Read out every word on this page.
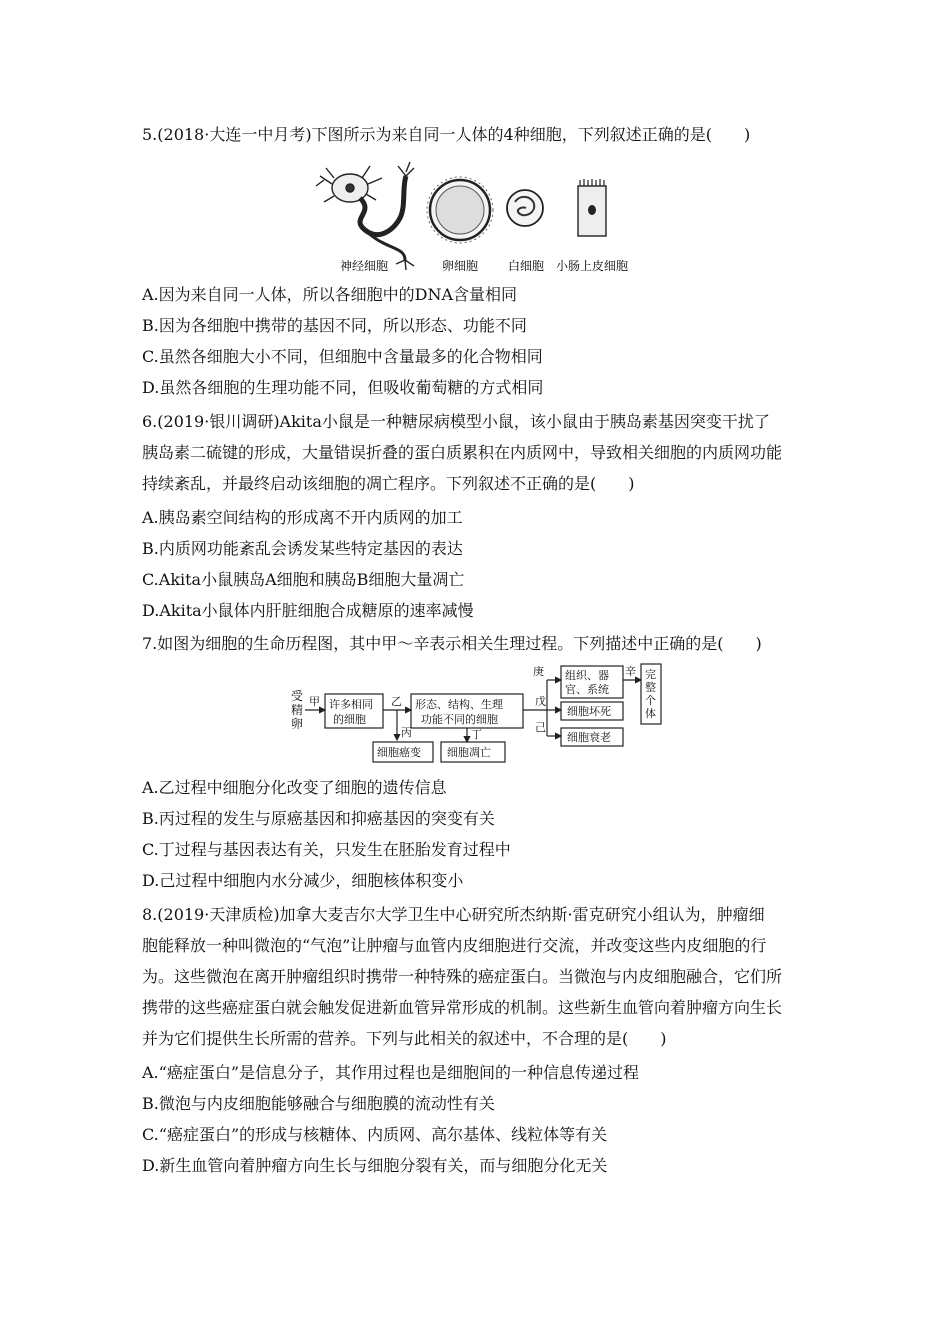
5.(2018·大连一中月考)下图所示为来自同一人体的4种细胞，下列叙述正确的是(　　)
神经细胞	卵细胞 白细胞 小肠上皮细胞
A.因为来自同一人体，所以各细胞中的DNA含量相同
B.因为各细胞中携带的基因不同，所以形态、功能不同
C.虽然各细胞大小不同，但细胞中含量最多的化合物相同
D.虽然各细胞的生理功能不同，但吸收葡萄糖的方式相同
6.(2019·银川调研)Akita小鼠是一种糖尿病模型小鼠，该小鼠由于胰岛素基因突变干扰了
胰岛素二硫键的形成，大量错误折叠的蛋白质累积在内质网中，导致相关细胞的内质网功能
持续紊乱，并最终启动该细胞的凋亡程序。下列叙述不正确的是(　　)
A.胰岛素空间结构的形成离不开内质网的加工
B.内质网功能紊乱会诱发某些特定基因的表达
C.Akita小鼠胰岛A细胞和胰岛B细胞大量凋亡
D.Akita小鼠体内肝脏细胞合成糖原的速率减慢
7.如图为细胞的生命历程图，其中甲～辛表示相关生理过程。下列描述中正确的是(　　)
受
精
卵
甲 许多相同
的细胞
乙
丙
形态、结构、生理
功能不同的细胞
细胞癌变
丁
细胞凋亡
庚
戊
己
组织、器
官、系统
细胞坏死
细胞衰老
辛 完
整
个
体
A.乙过程中细胞分化改变了细胞的遗传信息
B.丙过程的发生与原癌基因和抑癌基因的突变有关
C.丁过程与基因表达有关，只发生在胚胎发育过程中
D.己过程中细胞内水分减少，细胞核体积变小
8.(2019·天津质检)加拿大麦吉尔大学卫生中心研究所杰纳斯·雷克研究小组认为，肿瘤细
胞能释放一种叫微泡的“气泡”让肿瘤与血管内皮细胞进行交流，并改变这些内皮细胞的行
为。这些微泡在离开肿瘤组织时携带一种特殊的癌症蛋白。当微泡与内皮细胞融合，它们所
携带的这些癌症蛋白就会触发促进新血管异常形成的机制。这些新生血管向着肿瘤方向生长
并为它们提供生长所需的营养。下列与此相关的叙述中，不合理的是(　　)
A.“癌症蛋白”是信息分子，其作用过程也是细胞间的一种信息传递过程
B.微泡与内皮细胞能够融合与细胞膜的流动性有关
C.“癌症蛋白”的形成与核糖体、内质网、高尔基体、线粒体等有关
D.新生血管向着肿瘤方向生长与细胞分裂有关，而与细胞分化无关
